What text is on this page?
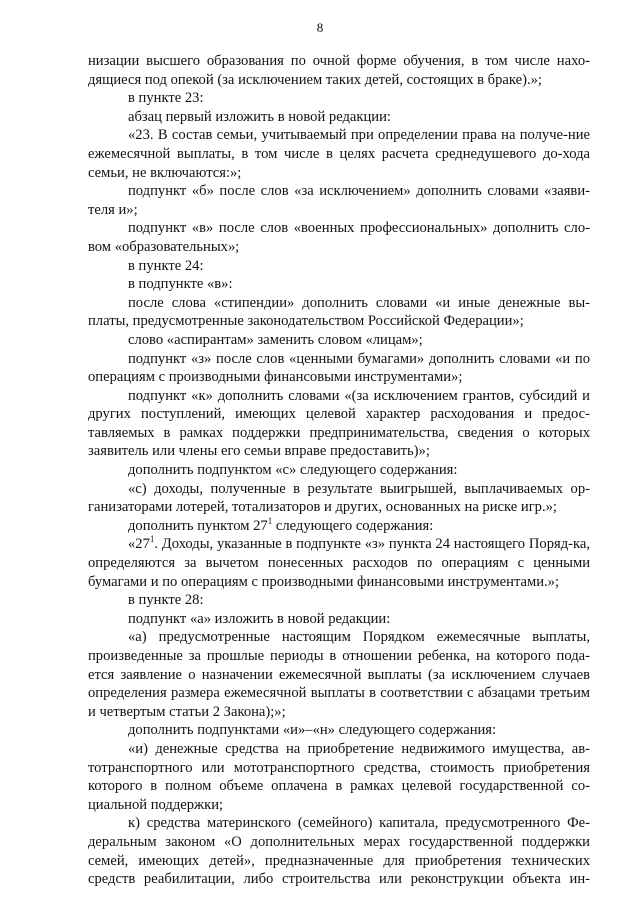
8

низации высшего образования по очной форме обучения, в том числе нахо-дящиеся под опекой (за исключением таких детей, состоящих в браке).»;

в пункте 23:

абзац первый изложить в новой редакции:

«23. В состав семьи, учитываемый при определении права на получе-ние ежемесячной выплаты, в том числе в целях расчета среднедушевого до-хода семьи, не включаются:»;

подпункт «б» после слов «за исключением» дополнить словами «заяви-теля и»;

подпункт «в» после слов «военных профессиональных» дополнить сло-вом «образовательных»;

в пункте 24:

в подпункте «в»:

после слова «стипендии» дополнить словами «и иные денежные вы-платы, предусмотренные законодательством Российской Федерации»;

слово «аспирантам» заменить словом «лицам»;

подпункт «з» после слов «ценными бумагами» дополнить словами «и по операциям с производными финансовыми инструментами»;

подпункт «к» дополнить словами «(за исключением грантов, субсидий и других поступлений, имеющих целевой характер расходования и предос-тавляемых в рамках поддержки предпринимательства, сведения о которых заявитель или члены его семьи вправе предоставить)»;

дополнить подпунктом «с» следующего содержания:

«с) доходы, полученные в результате выигрышей, выплачиваемых ор-ганизаторами лотерей, тотализаторов и других, основанных на риске игр.»;

дополнить пунктом $27^1$ следующего содержания:

«$27^1$. Доходы, указанные в подпункте «з» пункта 24 настоящего Поряд-ка, определяются за вычетом понесенных расходов по операциям с ценными бумагами и по операциям с производными финансовыми инструментами.»;

в пункте 28:

подпункт «а» изложить в новой редакции:

«а) предусмотренные настоящим Порядком ежемесячные выплаты, произведенные за прошлые периоды в отношении ребенка, на которого пода-ется заявление о назначении ежемесячной выплаты (за исключением случаев определения размера ежемесячной выплаты в соответствии с абзацами третьим и четвертым статьи 2 Закона);»;

дополнить подпунктами «и»–«н» следующего содержания:

«и) денежные средства на приобретение недвижимого имущества, ав-тотранспортного или мототранспортного средства, стоимость приобретения которого в полном объеме оплачена в рамках целевой государственной со-циальной поддержки;

к) средства материнского (семейного) капитала, предусмотренного Фе-деральным законом «О дополнительных мерах государственной поддержки семей, имеющих детей», предназначенные для приобретения технических средств реабилитации, либо строительства или реконструкции объекта ин-
